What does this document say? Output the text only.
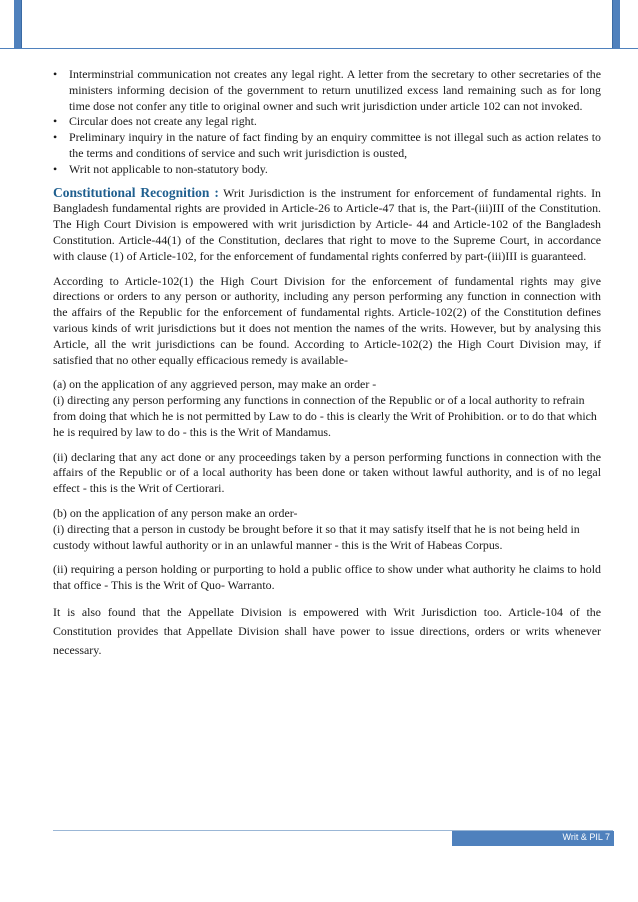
• Interminstrial communication not creates any legal right. A letter from the secretary to other secretaries of the ministers informing decision of the government to return unutilized excess land remaining such as for long time dose not confer any title to original owner and such writ jurisdiction under article 102 can not invoked.
• Circular does not create any legal right.
• Preliminary inquiry in the nature of fact finding by an enquiry committee is not illegal such as action relates to the terms and conditions of service and such writ jurisdiction is ousted,
• Writ not applicable to non-statutory body.

Constitutional Recognition : Writ Jurisdiction is the instrument for enforcement of fundamental rights. In Bangladesh fundamental rights are provided in Article-26 to Article-47 that is, the Part-(iii)III of the Constitution. The High Court Division is empowered with writ jurisdiction by Article- 44 and Article-102 of the Bangladesh Constitution. Article-44(1) of the Constitution, declares that right to move to the Supreme Court, in accordance with clause (1) of Article-102, for the enforcement of fundamental rights conferred by part-(iii)III is guaranteed.

According to Article-102(1) the High Court Division for the enforcement of fundamental rights may give directions or orders to any person or authority, including any person performing any function in connection with the affairs of the Republic for the enforcement of fundamental rights. Article-102(2) of the Constitution defines various kinds of writ jurisdictions but it does not mention the names of the writs. However, but by analysing this Article, all the writ jurisdictions can be found. According to Article-102(2) the High Court Division may, if satisfied that no other equally efficacious remedy is available-

(a) on the application of any aggrieved person, may make an order -

(i) directing any person performing any functions in connection of the Republic or of a local authority to refrain from doing that which he is not permitted by Law to do - this is clearly the Writ of Prohibition. or to do that which he is required by law to do - this is the Writ of Mandamus.

(ii) declaring that any act done or any proceedings taken by a person performing functions in connection with the affairs of the Republic or of a local authority has been done or taken without lawful authority, and is of no legal effect - this is the Writ of Certiorari.

(b) on the application of any person make an order-

(i) directing that a person in custody be brought before it so that it may satisfy itself that he is not being held in custody without lawful authority or in an unlawful manner - this is the Writ of Habeas Corpus.

(ii) requiring a person holding or purporting to hold a public office to show under what authority he claims to hold that office - This is the Writ of Quo- Warranto.

It is also found that the Appellate Division is empowered with Writ Jurisdiction too. Article-104 of the Constitution provides that Appellate Division shall have power to issue directions, orders or writs whenever necessary.

Writ & PIL 7
